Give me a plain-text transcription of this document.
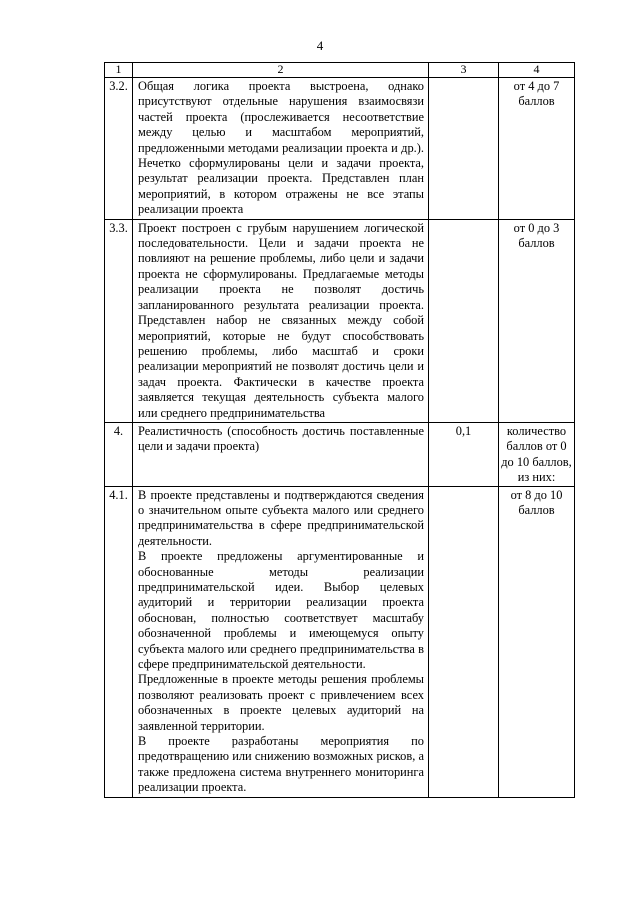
4
1	2	3	4
3.2.	Общая логика проекта выстроена, однако присутствуют отдельные нарушения взаимосвязи частей проекта (прослеживается несоответствие между целью и масштабом мероприятий, предложенными методами реализации проекта и др.). Нечетко сформулированы цели и задачи проекта, результат реализации проекта. Представлен план мероприятий, в котором отражены не все этапы реализации проекта		от 4 до 7 баллов
3.3.	Проект построен с грубым нарушением логической последовательности. Цели и задачи проекта не повлияют на решение проблемы, либо цели и задачи проекта не сформулированы. Предлагаемые методы реализации проекта не позволят достичь запланированного результата реализации проекта. Представлен набор не связанных между собой мероприятий, которые не будут способствовать решению проблемы, либо масштаб и сроки реализации мероприятий не позволят достичь цели и задач проекта. Фактически в качестве проекта заявляется текущая деятельность субъекта малого или среднего предпринимательства		от 0 до 3 баллов
4.	Реалистичность (способность достичь поставленные цели и задачи проекта)	0,1	количество баллов от 0 до 10 баллов, из них:
4.1.	В проекте представлены и подтверждаются сведения о значительном опыте субъекта малого или среднего предпринимательства в сфере предпринимательской деятельности.

В проекте предложены аргументированные и обоснованные методы реализации предпринимательской идеи. Выбор целевых аудиторий и территории реализации проекта обоснован, полностью соответствует масштабу обозначенной проблемы и имеющемуся опыту субъекта малого или среднего предпринимательства в сфере предпринимательской деятельности.

Предложенные в проекте методы решения проблемы позволяют реализовать проект с привлечением всех обозначенных в проекте целевых аудиторий на заявленной территории.

В проекте разработаны мероприятия по предотвращению или снижению возможных рисков, а также предложена система внутреннего мониторинга реализации проекта.		от 8 до 10 баллов
